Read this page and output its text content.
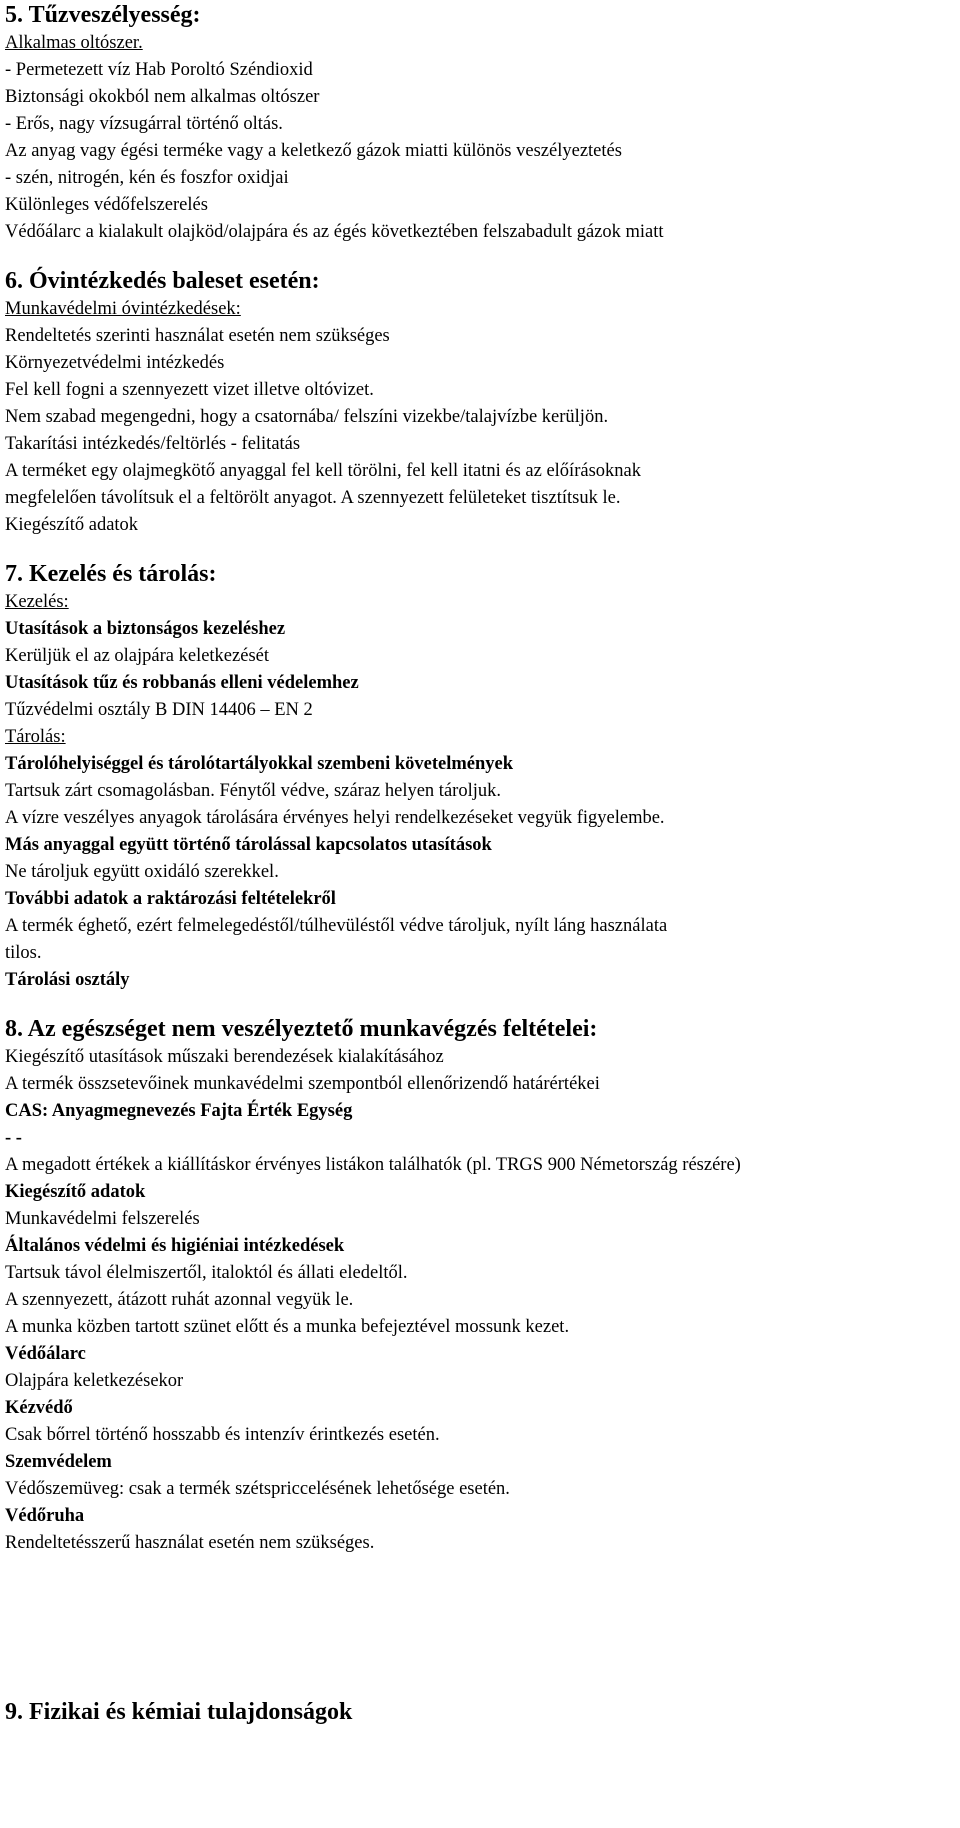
5. Tűzveszélyesség:
Alkalmas oltószer.
- Permetezett víz Hab Poroltó Széndioxid
Biztonsági okokból nem alkalmas oltószer
- Erős, nagy vízsugárral történő oltás.
Az anyag vagy égési terméke vagy a keletkező gázok miatti különös veszélyeztetés
- szén, nitrogén, kén és foszfor oxidjai
Különleges védőfelszerelés
Védőálarc a kialakult olajköd/olajpára és az égés következtében felszabadult gázok miatt
6. Óvintézkedés baleset esetén:
Munkavédelmi óvintézkedések:
Rendeltetés szerinti használat esetén nem szükséges
Környezetvédelmi intézkedés
Fel kell fogni a szennyezett vizet illetve oltóvizet.
Nem szabad megengedni, hogy a csatornába/ felszíni vizekbe/talajvízbe kerüljön.
Takarítási intézkedés/feltörlés - felitatás
A terméket egy olajmegkötő anyaggal fel kell törölni, fel kell itatni és az előírásoknak
megfelelően távolítsuk el a feltörölt anyagot. A szennyezett felületeket tisztítsuk le.
Kiegészítő adatok
7. Kezelés és tárolás:
Kezelés:
Utasítások a biztonságos kezeléshez
Kerüljük el az olajpára keletkezését
Utasítások tűz és robbanás elleni védelemhez
Tűzvédelmi osztály B DIN 14406 – EN 2
Tárolás:
Tárolóhelyiséggel és tárolótartályokkal szembeni követelmények
Tartsuk zárt csomagolásban. Fénytől védve, száraz helyen tároljuk.
A vízre veszélyes anyagok tárolására érvényes helyi rendelkezéseket vegyük figyelembe.
Más anyaggal együtt történő tárolással kapcsolatos utasítások
Ne tároljuk együtt oxidáló szerekkel.
További adatok a raktározási feltételekről
A termék éghető, ezért felmelegedéstől/túlhevüléstől védve tároljuk, nyílt láng használata
tilos.
Tárolási osztály
8. Az egészséget nem veszélyeztető munkavégzés feltételei:
Kiegészítő utasítások műszaki berendezések kialakításához
A termék összsetevőinek munkavédelmi szempontból ellenőrizendő határértékei
CAS: Anyagmegnevezés Fajta Érték Egység
- -
A megadott értékek a kiállításkor érvényes listákon találhatók (pl. TRGS 900 Németország részére)
Kiegészítő adatok
Munkavédelmi felszerelés
Általános védelmi és higiéniai intézkedések
Tartsuk távol élelmiszertől, italoktól és állati eledeltől.
A szennyezett, átázott ruhát azonnal vegyük le.
A munka közben tartott szünet előtt és a munka befejeztével mossunk kezet.
Védőálarc
Olajpára keletkezésekor
Kézvédő
Csak bőrrel történő hosszabb és intenzív érintkezés esetén.
Szemvédelem
Védőszemüveg: csak a termék szétspriccelésének lehetősége esetén.
Védőruha
Rendeltetésszerű használat esetén nem szükséges.
9. Fizikai és kémiai tulajdonságok
